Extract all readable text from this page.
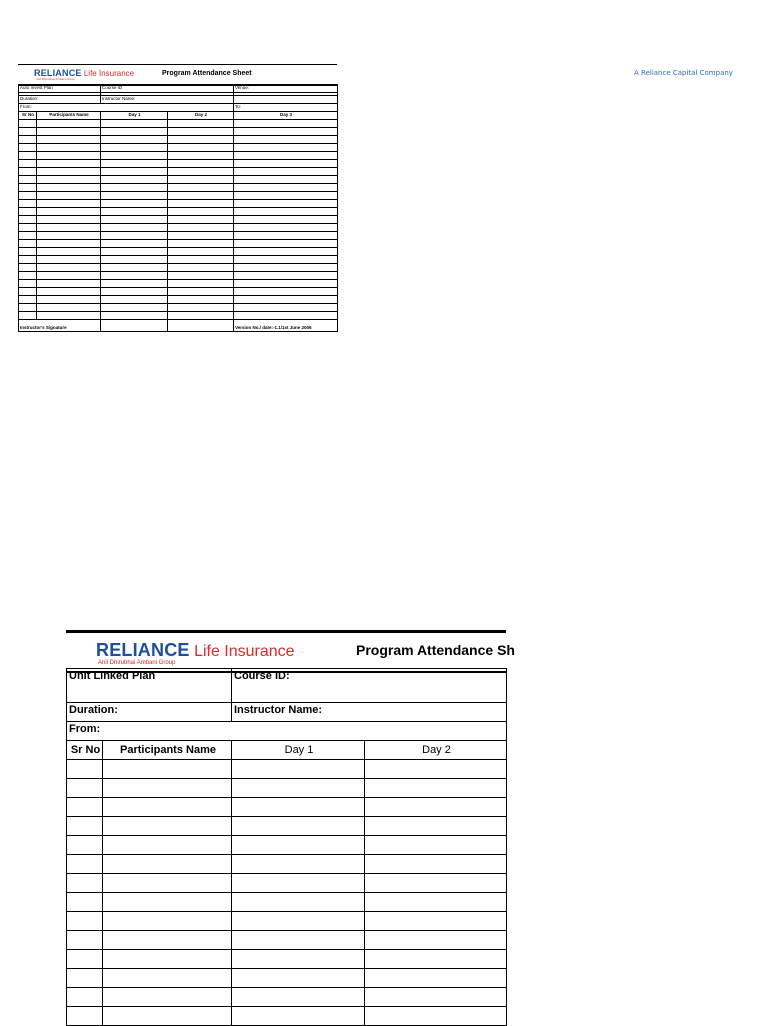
A Reliance Capital Company
RELIANCE Life Insurance
Anil Dhirubhai Ambani Group
Program Attendance Sheet
Auto Invest Plan		Course ID		Venue:

Duration:		Instructor Name:		
From:				To:
Sr No	Participants Name	Day 1	Day 2	Day 3

Instructor's Signature				Version No./ date:-1.1/1st June 2006
RELIANCE Life Insurance
Anil Dhirubhai Ambani Group
Program Attendance Sh
Unit Linked Plan		Course ID:	
Duration:		Instructor Name:	
From:			
Sr No	Participants Name	Day 1	Day 2
